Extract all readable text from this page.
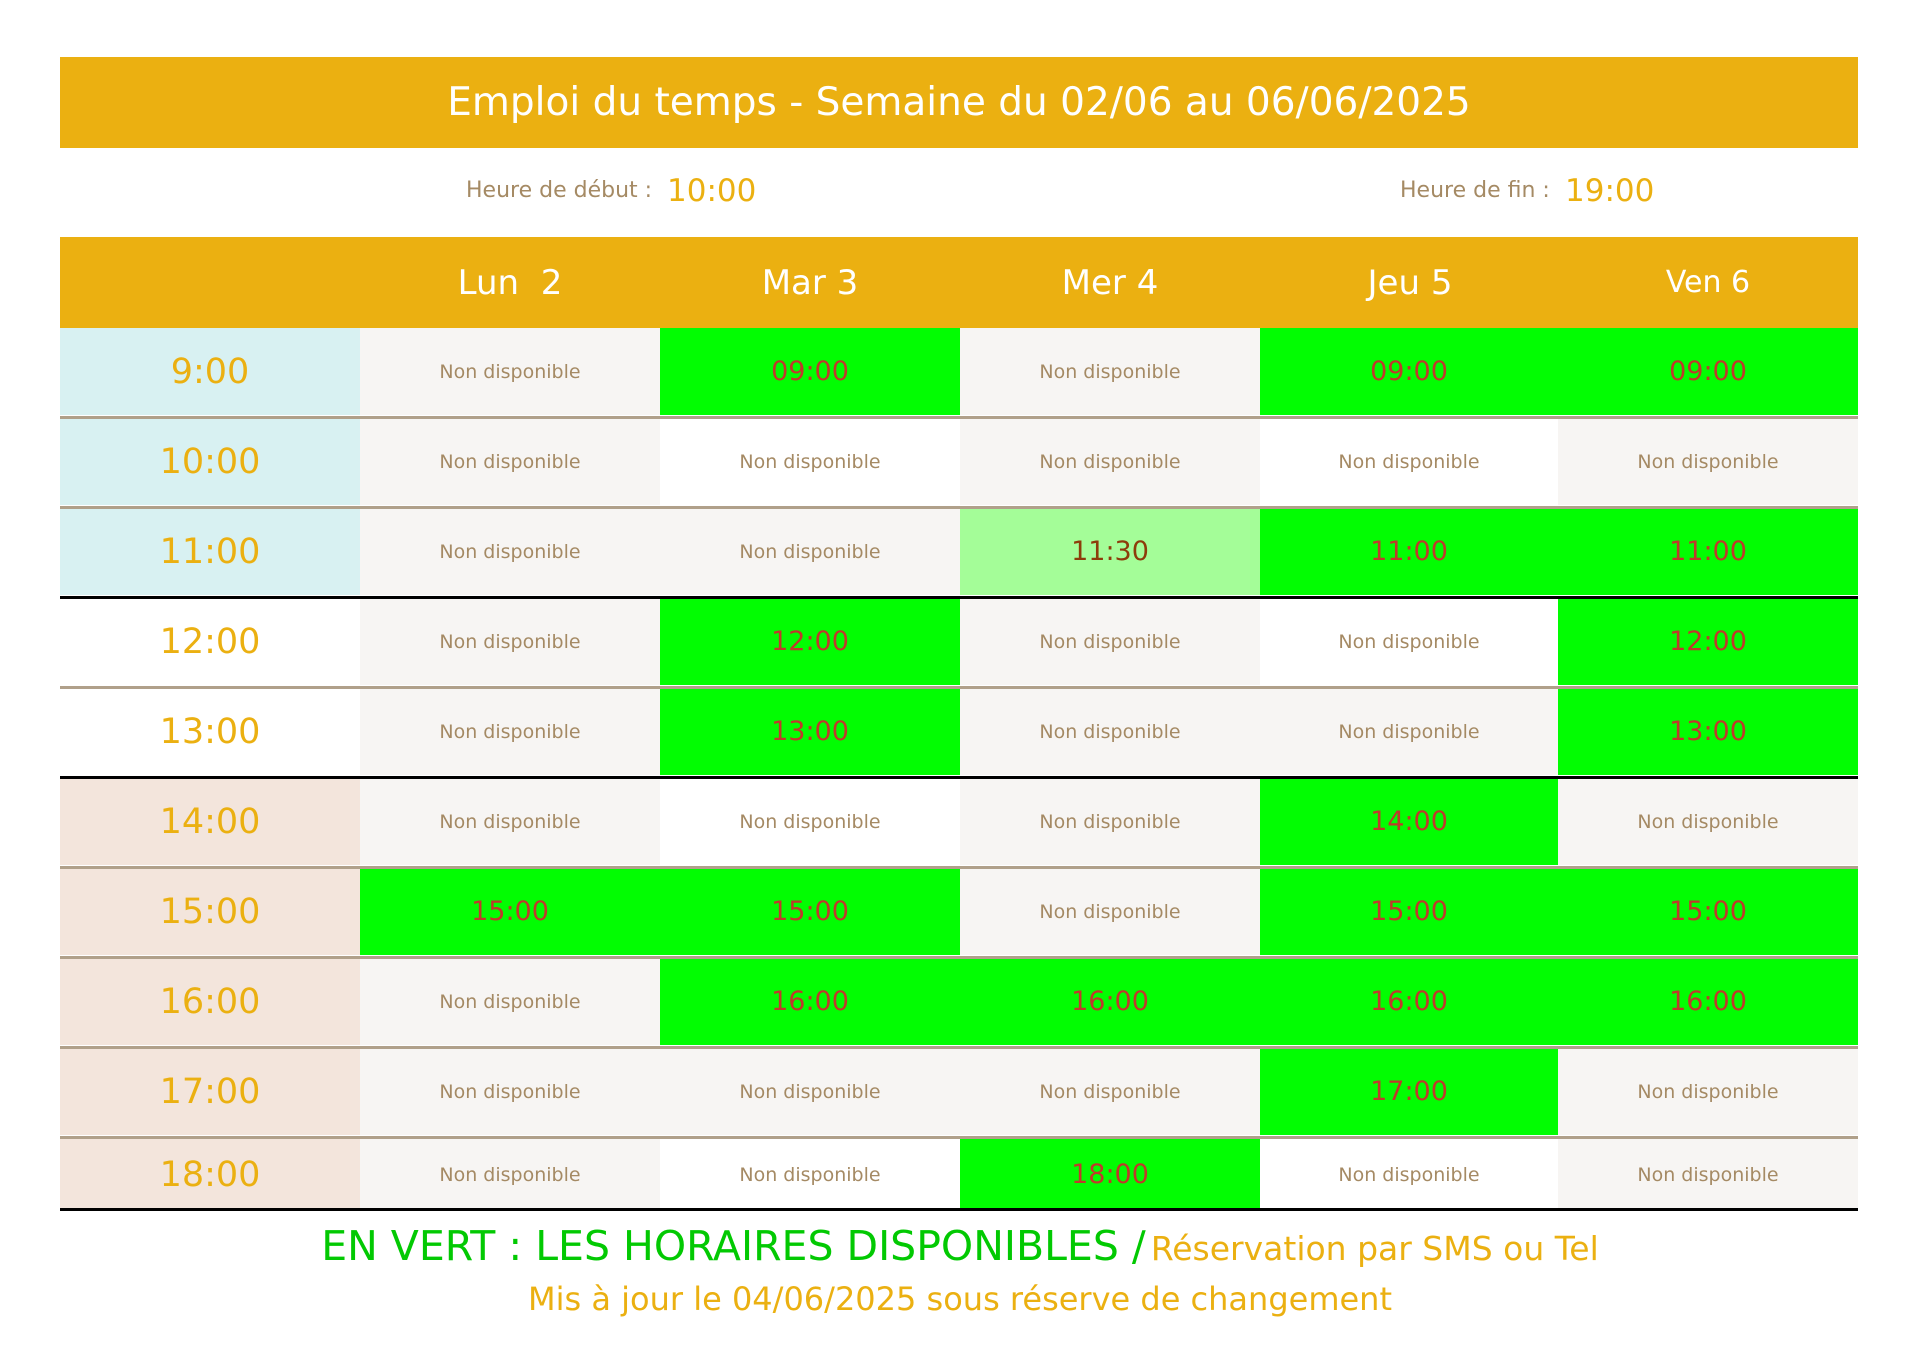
Emploi du temps - Semaine du 02/06 au 06/06/2025
Heure de début : 10:00	Heure de fin : 19:00
Lun  2	Mar 3	Mer 4	Jeu 5	Ven 6
9:00	Non disponible	09:00	Non disponible	09:00	09:00
10:00	Non disponible	Non disponible	Non disponible	Non disponible	Non disponible
11:00	Non disponible	Non disponible	11:30	11:00	11:00
12:00	Non disponible	12:00	Non disponible	Non disponible	12:00
13:00	Non disponible	13:00	Non disponible	Non disponible	13:00
14:00	Non disponible	Non disponible	Non disponible	14:00	Non disponible
15:00	15:00	15:00	Non disponible	15:00	15:00
16:00	Non disponible	16:00	16:00	16:00	16:00
17:00	Non disponible	Non disponible	Non disponible	17:00	Non disponible
18:00	Non disponible	Non disponible	18:00	Non disponible	Non disponible
EN VERT : LES HORAIRES DISPONIBLES / Réservation par SMS ou Tel
Mis à jour le 04/06/2025 sous réserve de changement
